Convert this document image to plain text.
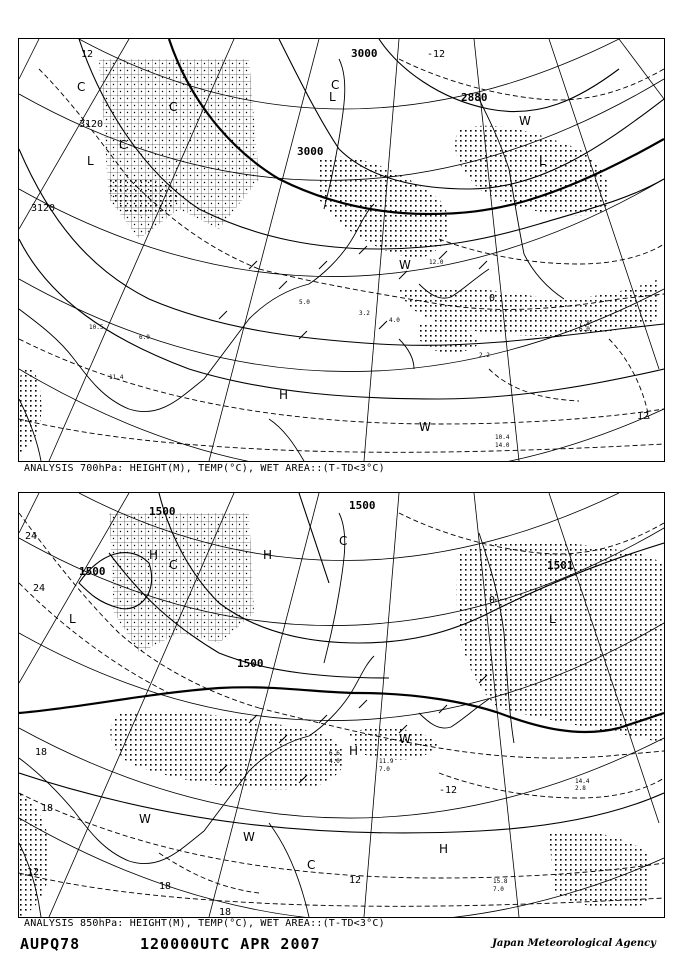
10.5
6.0
11.4
2.2
7.8
6.0
10.4
14.0
3.2
4.0
5.0
12.0
3000
3000
2880
3120
3120
12	-12
0
12
L	L
L
H
C
C
C
C
W
W
W
ANALYSIS 700hPa: HEIGHT(M), TEMP(°C), WET AREA::(T-TD<3°C)
15.8
7.0
14.4
2.8
6.6
4.0	11.9
7.0
1500	1500
1500
1500
1501
24
24
18
18
18
18
12
12
-12
0
H	H
H
H
L	L
C
C
C
W
W
W
ANALYSIS 850hPa: HEIGHT(M), TEMP(°C), WET AREA::(T-TD<3°C)
AUPQ78	120000UTC APR 2007	Japan Meteorological Agency
